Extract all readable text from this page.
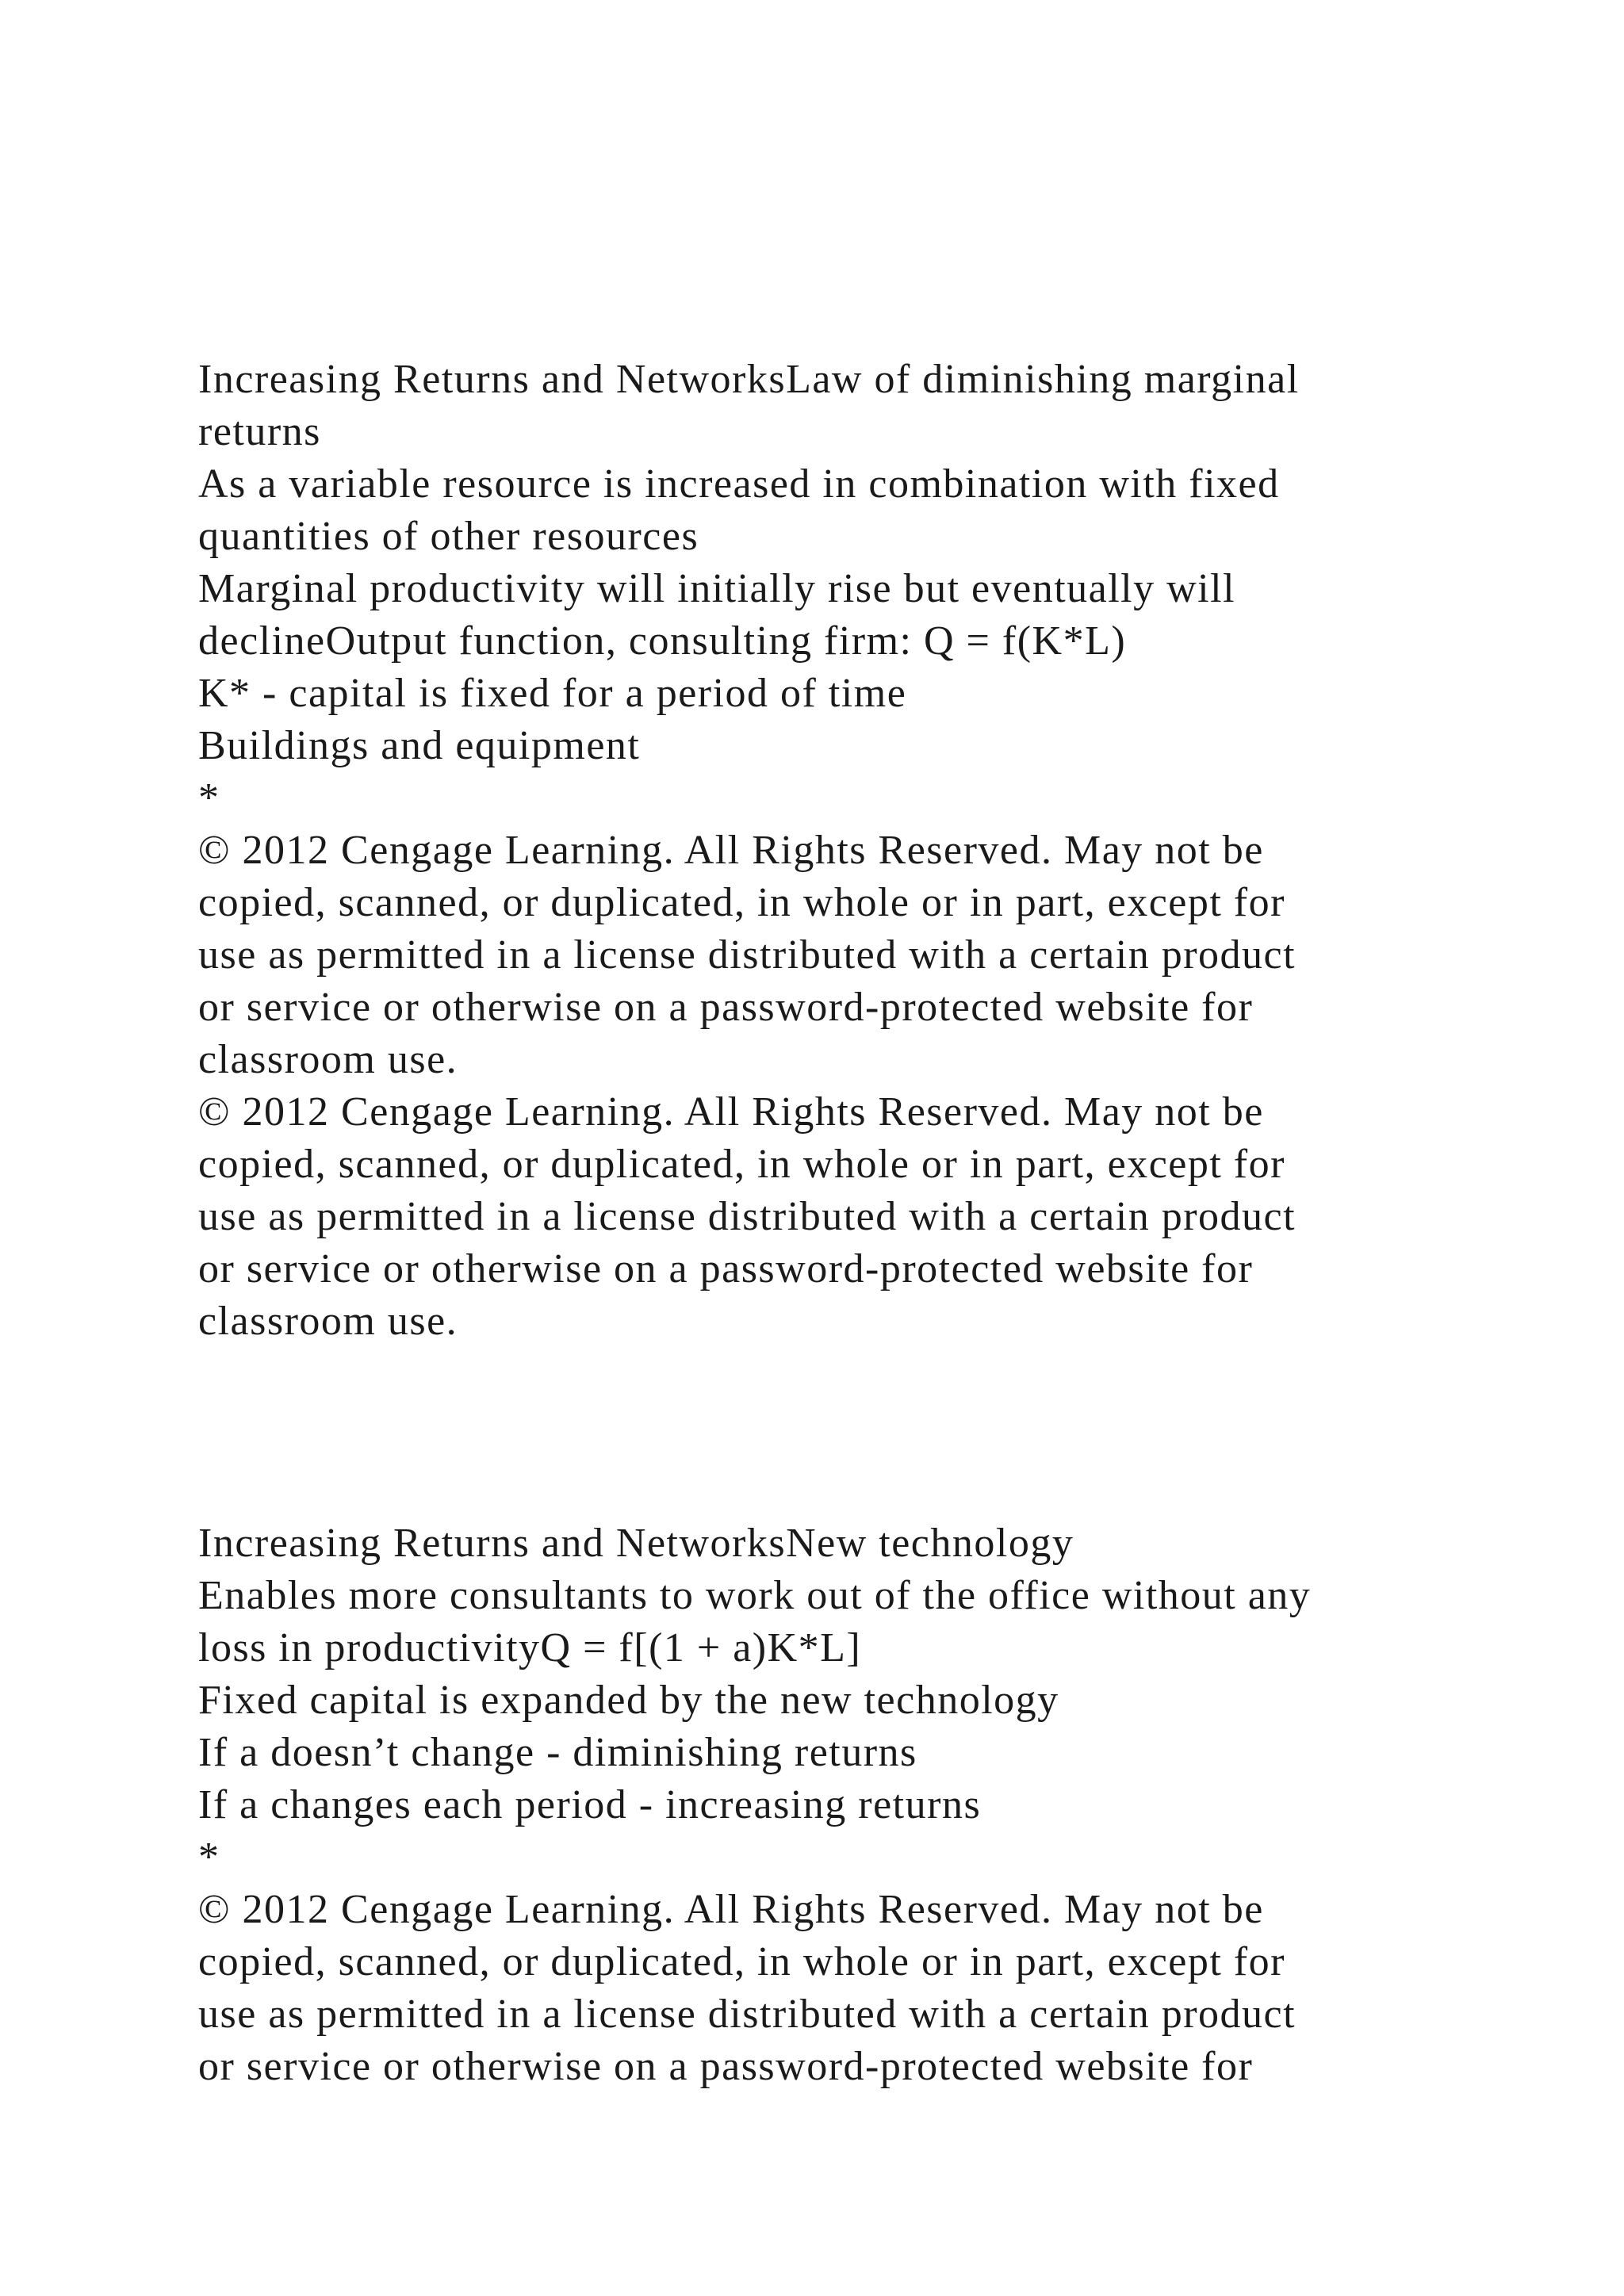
Increasing Returns and NetworksLaw of diminishing marginal
returns
As a variable resource is increased in combination with fixed
quantities of other resources
Marginal productivity will initially rise but eventually will
declineOutput function, consulting firm: Q = f(K*L)
K* - capital is fixed for a period of time
Buildings and equipment
*
© 2012 Cengage Learning. All Rights Reserved. May not be
copied, scanned, or duplicated, in whole or in part, except for
use as permitted in a license distributed with a certain product
or service or otherwise on a password-protected website for
classroom use.
© 2012 Cengage Learning. All Rights Reserved. May not be
copied, scanned, or duplicated, in whole or in part, except for
use as permitted in a license distributed with a certain product
or service or otherwise on a password-protected website for
classroom use.
Increasing Returns and NetworksNew technology
Enables more consultants to work out of the office without any
loss in productivityQ = f[(1 + a)K*L]
Fixed capital is expanded by the new technology
If a doesn’t change - diminishing returns
If a changes each period - increasing returns
*
© 2012 Cengage Learning. All Rights Reserved. May not be
copied, scanned, or duplicated, in whole or in part, except for
use as permitted in a license distributed with a certain product
or service or otherwise on a password-protected website for
